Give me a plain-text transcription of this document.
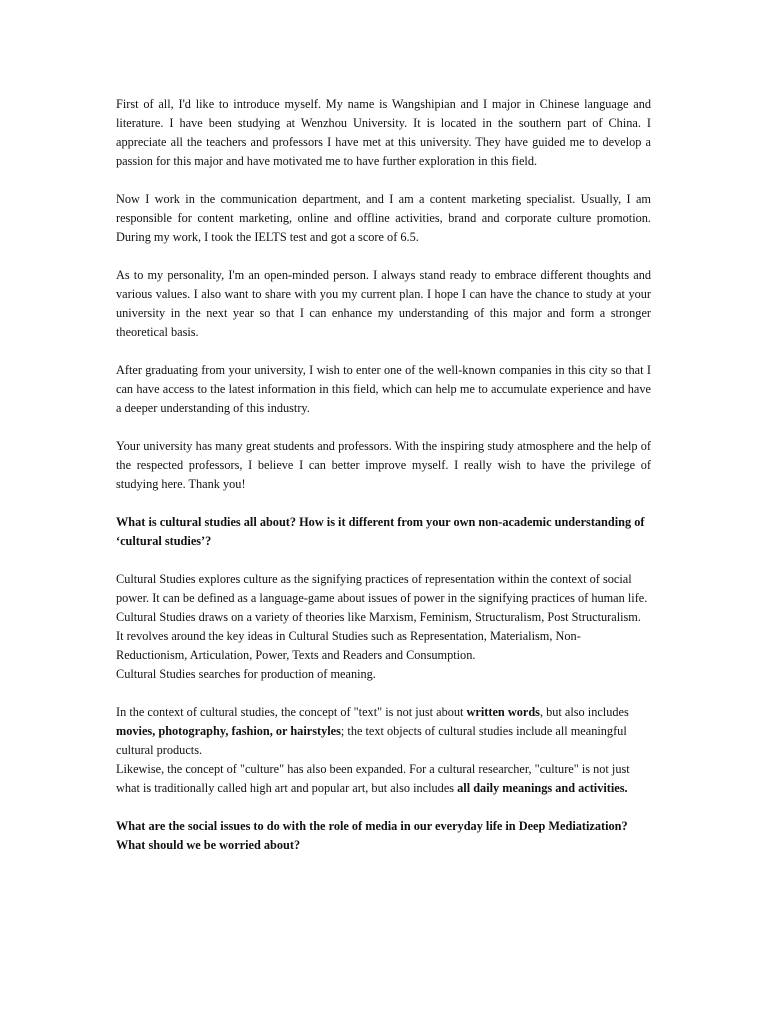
First of all, I'd like to introduce myself. My name is Wangshipian and I major in Chinese language and literature. I have been studying at Wenzhou University. It is located in the southern part of China. I appreciate all the teachers and professors I have met at this university. They have guided me to develop a passion for this major and have motivated me to have further exploration in this field.

Now I work in the communication department, and I am a content marketing specialist. Usually, I am responsible for content marketing, online and offline activities, brand and corporate culture promotion. During my work, I took the IELTS test and got a score of 6.5.

As to my personality, I'm an open-minded person. I always stand ready to embrace different thoughts and various values. I also want to share with you my current plan. I hope I can have the chance to study at your university in the next year so that I can enhance my understanding of this major and form a stronger theoretical basis.

After graduating from your university, I wish to enter one of the well-known companies in this city so that I can have access to the latest information in this field, which can help me to accumulate experience and have a deeper understanding of this industry.

Your university has many great students and professors. With the inspiring study atmosphere and the help of the respected professors, I believe I can better improve myself. I really wish to have the privilege of studying here. Thank you!

What is cultural studies all about? How is it different from your own non-academic understanding of ‘cultural studies’?

Cultural Studies explores culture as the signifying practices of representation within the context of social power. It can be defined as a language-game about issues of power in the signifying practices of human life.
Cultural Studies draws on a variety of theories like Marxism, Feminism, Structuralism, Post Structuralism.
It revolves around the key ideas in Cultural Studies such as Representation, Materialism, Non-Reductionism, Articulation, Power, Texts and Readers and Consumption.
Cultural Studies searches for production of meaning.
In the context of cultural studies, the concept of "text" is not just about written words, but also includes movies, photography, fashion, or hairstyles; the text objects of cultural studies include all meaningful cultural products.
Likewise, the concept of "culture" has also been expanded. For a cultural researcher, "culture" is not just what is traditionally called high art and popular art, but also includes all daily meanings and activities.

What are the social issues to do with the role of media in our everyday life in Deep Mediatization? What should we be worried about?
